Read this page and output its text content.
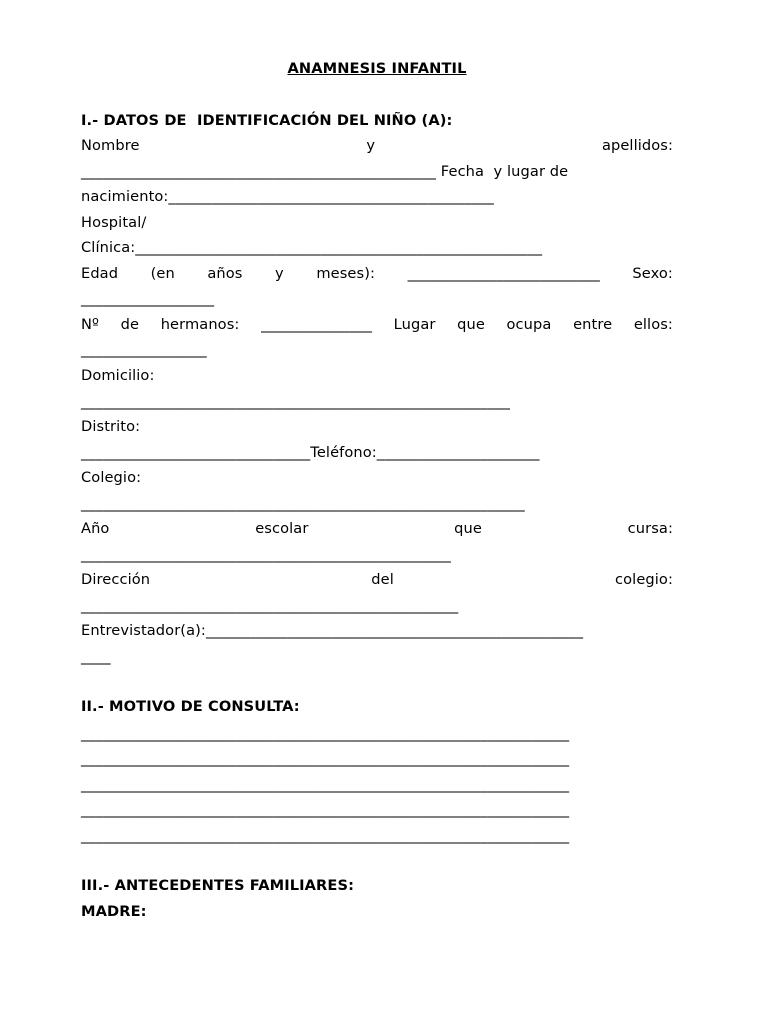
ANAMNESIS INFANTIL
I.- DATOS DE  IDENTIFICACIÓN DEL NIÑO (A):
Nombre	y	apellidos:
________________________________________________ Fecha  y lugar de
nacimiento:____________________________________________
Hospital/
Clínica:_______________________________________________________
Edad (en años y meses): __________________________ Sexo:
__________________
Nº de hermanos: _______________ Lugar que ocupa entre ellos:
_________________
Domicilio:
__________________________________________________________
Distrito:
_______________________________Teléfono:______________________
Colegio:
____________________________________________________________
Año	escolar	que	cursa:
__________________________________________________
Dirección	del	colegio:
___________________________________________________
Entrevistador(a):___________________________________________________
____
II.- MOTIVO DE CONSULTA:
__________________________________________________________________
__________________________________________________________________
__________________________________________________________________
__________________________________________________________________
__________________________________________________________________
III.- ANTECEDENTES FAMILIARES:
MADRE:
